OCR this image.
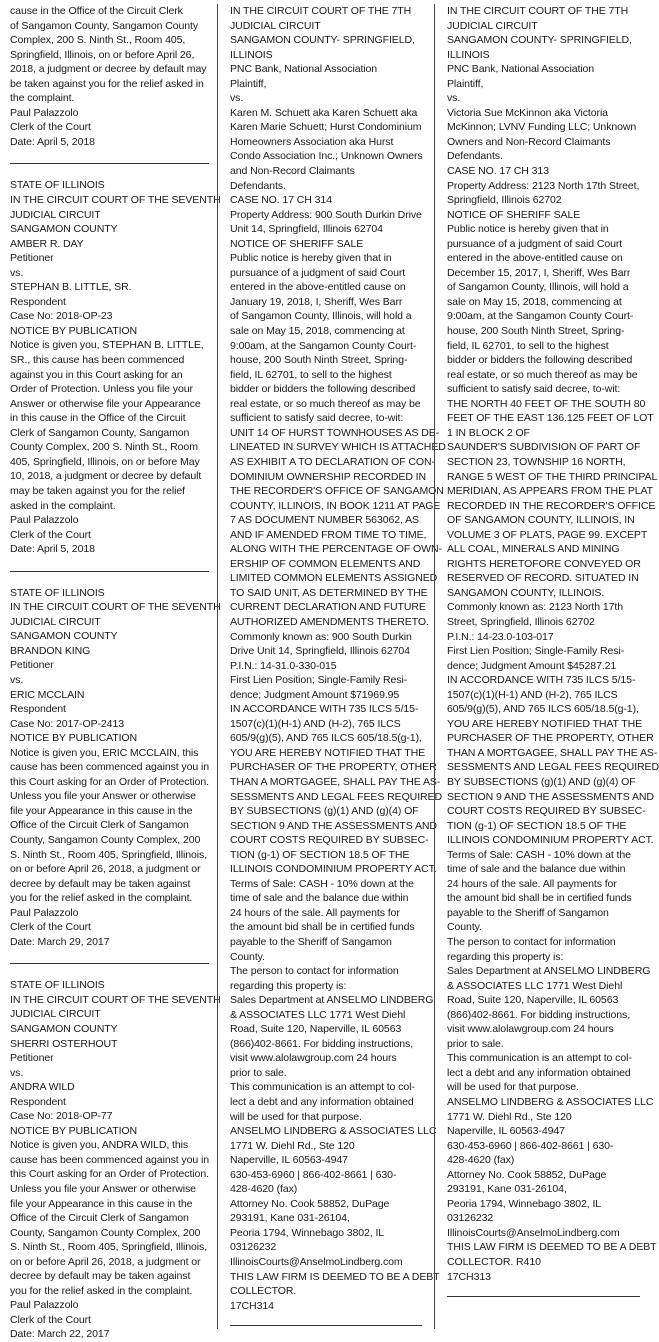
cause in the Office of the Circuit Clerk
of Sangamon County, Sangamon County
Complex, 200 S. Ninth St., Room 405,
Springfield, Illinois, on or before April 26,
2018, a judgment or decree by default may
be taken against you for the relief asked in
the complaint.
Paul Palazzolo
Clerk of the Court
Date: April 5, 2018
STATE OF ILLINOIS
IN THE CIRCUIT COURT OF THE SEVENTH
JUDICIAL CIRCUIT
SANGAMON COUNTY
AMBER R. DAY
Petitioner
vs.
STEPHAN B. LITTLE, SR.
Respondent
Case No: 2018-OP-23
NOTICE BY PUBLICATION
Notice is given you, STEPHAN B. LITTLE,
SR., this cause has been commenced
against you in this Court asking for an
Order of Protection. Unless you file your
Answer or otherwise file your Appearance
in this cause in the Office of the Circuit
Clerk of Sangamon County, Sangamon
County Complex, 200 S. Ninth St., Room
405, Springfield, Illinois, on or before May
10, 2018, a judgment or decree by default
may be taken against you for the relief
asked in the complaint.
Paul Palazzolo
Clerk of the Court
Date: April 5, 2018
STATE OF ILLINOIS
IN THE CIRCUIT COURT OF THE SEVENTH
JUDICIAL CIRCUIT
SANGAMON COUNTY
BRANDON KING
Petitioner
vs.
ERIC MCCLAIN
Respondent
Case No: 2017-OP-2413
NOTICE BY PUBLICATION
Notice is given you, ERIC MCCLAIN, this
cause has been commenced against you in
this Court asking for an Order of Protection.
Unless you file your Answer or otherwise
file your Appearance in this cause in the
Office of the Circuit Clerk of Sangamon
County, Sangamon County Complex, 200
S. Ninth St., Room 405, Springfield, Illinois,
on or before April 26, 2018, a judgment or
decree by default may be taken against
you for the relief asked in the complaint.
Paul Palazzolo
Clerk of the Court
Date: March 29, 2017
STATE OF ILLINOIS
IN THE CIRCUIT COURT OF THE SEVENTH
JUDICIAL CIRCUIT
SANGAMON COUNTY
SHERRI OSTERHOUT
Petitioner
vs.
ANDRA WILD
Respondent
Case No: 2018-OP-77
NOTICE BY PUBLICATION
Notice is given you, ANDRA WILD, this
cause has been commenced against you in
this Court asking for an Order of Protection.
Unless you file your Answer or otherwise
file your Appearance in this cause in the
Office of the Circuit Clerk of Sangamon
County, Sangamon County Complex, 200
S. Ninth St., Room 405, Springfield, Illinois,
on or before April 26, 2018, a judgment or
decree by default may be taken against
you for the relief asked in the complaint.
Paul Palazzolo
Clerk of the Court
Date: March 22, 2017
IN THE CIRCUIT COURT OF THE 7TH
JUDICIAL CIRCUIT
SANGAMON COUNTY- SPRINGFIELD,
ILLINOIS
PNC Bank, National Association
Plaintiff,
vs.
Karen M. Schuett aka Karen Schuett aka
Karen Marie Schuett; Hurst Condominium
Homeowners Association aka Hurst
Condo Association Inc.; Unknown Owners
and Non-Record Claimants
Defendants.
CASE NO. 17 CH 314
Property Address: 900 South Durkin Drive
Unit 14, Springfield, Illinois 62704
NOTICE OF SHERIFF SALE
Public notice is hereby given that in
pursuance of a judgment of said Court
entered in the above-entitled cause on
January 19, 2018, I, Sheriff, Wes Barr
of Sangamon County, Illinois, will hold a
sale on May 15, 2018, commencing at
9:00am, at the Sangamon County Court-
house, 200 South Ninth Street, Spring-
field, IL 62701, to sell to the highest
bidder or bidders the following described
real estate, or so much thereof as may be
sufficient to satisfy said decree, to-wit:
UNIT 14 OF HURST TOWNHOUSES AS DE-
LINEATED IN SURVEY WHICH IS ATTACHED
AS EXHIBIT A TO DECLARATION OF CON-
DOMINIUM OWNERSHIP RECORDED IN
THE RECORDER'S OFFICE OF SANGAMON
COUNTY, ILLINOIS, IN BOOK 1211 AT PAGE
7 AS DOCUMENT NUMBER 563062, AS
AND IF AMENDED FROM TIME TO TIME,
ALONG WITH THE PERCENTAGE OF OWN-
ERSHIP OF COMMON ELEMENTS AND
LIMITED COMMON ELEMENTS ASSIGNED
TO SAID UNIT, AS DETERMINED BY THE
CURRENT DECLARATION AND FUTURE
AUTHORIZED AMENDMENTS THERETO.
Commonly known as: 900 South Durkin
Drive Unit 14, Springfield, Illinois 62704
P.I.N.: 14-31.0-330-015
First Lien Position; Single-Family Resi-
dence; Judgment Amount $71969.95
IN ACCORDANCE WITH 735 ILCS 5/15-
1507(c)(1)(H-1) AND (H-2), 765 ILCS
605/9(g)(5), AND 765 ILCS 605/18.5(g-1),
YOU ARE HEREBY NOTIFIED THAT THE
PURCHASER OF THE PROPERTY, OTHER
THAN A MORTGAGEE, SHALL PAY THE AS-
SESSMENTS AND LEGAL FEES REQUIRED
BY SUBSECTIONS (g)(1) AND (g)(4) OF
SECTION 9 AND THE ASSESSMENTS AND
COURT COSTS REQUIRED BY SUBSEC-
TION (g-1) OF SECTION 18.5 OF THE
ILLINOIS CONDOMINIUM PROPERTY ACT.
Terms of Sale: CASH - 10% down at the
time of sale and the balance due within
24 hours of the sale. All payments for
the amount bid shall be in certified funds
payable to the Sheriff of Sangamon
County.
The person to contact for information
regarding this property is:
Sales Department at ANSELMO LINDBERG
& ASSOCIATES LLC 1771 West Diehl
Road, Suite 120, Naperville, IL 60563
(866)402-8661. For bidding instructions,
visit www.alolawgroup.com 24 hours
prior to sale.
This communication is an attempt to col-
lect a debt and any information obtained
will be used for that purpose.
ANSELMO LINDBERG & ASSOCIATES LLC
1771 W. Diehl Rd., Ste 120
Naperville, IL 60563-4947
630-453-6960 | 866-402-8661 | 630-
428-4620 (fax)
Attorney No. Cook 58852, DuPage
293191, Kane 031-26104,
Peoria 1794, Winnebago 3802, IL
03126232
IllinoisCourts@AnselmoLindberg.com
THIS LAW FIRM IS DEEMED TO BE A DEBT
COLLECTOR.
17CH314
IN THE CIRCUIT COURT OF THE 7TH
JUDICIAL CIRCUIT
SANGAMON COUNTY- SPRINGFIELD,
ILLINOIS
PNC Bank, National Association
Plaintiff,
vs.
Victoria Sue McKinnon aka Victoria
McKinnon; LVNV Funding LLC; Unknown
Owners and Non-Record Claimants
Defendants.
CASE NO. 17 CH 313
Property Address: 2123 North 17th Street,
Springfield, Illinois 62702
NOTICE OF SHERIFF SALE
Public notice is hereby given that in
pursuance of a judgment of said Court
entered in the above-entitled cause on
December 15, 2017, I, Sheriff, Wes Barr
of Sangamon County, Illinois, will hold a
sale on May 15, 2018, commencing at
9:00am, at the Sangamon County Court-
house, 200 South Ninth Street, Spring-
field, IL 62701, to sell to the highest
bidder or bidders the following described
real estate, or so much thereof as may be
sufficient to satisfy said decree, to-wit:
THE NORTH 40 FEET OF THE SOUTH 80
FEET OF THE EAST 136.125 FEET OF LOT
1 IN BLOCK 2 OF
SAUNDER'S SUBDIVISION OF PART OF
SECTION 23, TOWNSHIP 16 NORTH,
RANGE 5 WEST OF THE THIRD PRINCIPAL
MERIDIAN, AS APPEARS FROM THE PLAT
RECORDED IN THE RECORDER'S OFFICE
OF SANGAMON COUNTY, ILLINOIS, IN
VOLUME 3 OF PLATS, PAGE 99. EXCEPT
ALL COAL, MINERALS AND MINING
RIGHTS HERETOFORE CONVEYED OR
RESERVED OF RECORD. SITUATED IN
SANGAMON COUNTY, ILLINOIS.
Commonly known as: 2123 North 17th
Street, Springfield, Illinois 62702
P.I.N.: 14-23.0-103-017
First Lien Position; Single-Family Resi-
dence; Judgment Amount $45287.21
IN ACCORDANCE WITH 735 ILCS 5/15-
1507(c)(1)(H-1) AND (H-2), 765 ILCS
605/9(g)(5), AND 765 ILCS 605/18.5(g-1),
YOU ARE HEREBY NOTIFIED THAT THE
PURCHASER OF THE PROPERTY, OTHER
THAN A MORTGAGEE, SHALL PAY THE AS-
SESSMENTS AND LEGAL FEES REQUIRED
BY SUBSECTIONS (g)(1) AND (g)(4) OF
SECTION 9 AND THE ASSESSMENTS AND
COURT COSTS REQUIRED BY SUBSEC-
TION (g-1) OF SECTION 18.5 OF THE
ILLINOIS CONDOMINIUM PROPERTY ACT.
Terms of Sale: CASH - 10% down at the
time of sale and the balance due within
24 hours of the sale. All payments for
the amount bid shall be in certified funds
payable to the Sheriff of Sangamon
County.
The person to contact for information
regarding this property is:
Sales Department at ANSELMO LINDBERG
& ASSOCIATES LLC 1771 West Diehl
Road, Suite 120, Naperville, IL 60563
(866)402-8661. For bidding instructions,
visit www.alolawgroup.com 24 hours
prior to sale.
This communication is an attempt to col-
lect a debt and any information obtained
will be used for that purpose.
ANSELMO LINDBERG & ASSOCIATES LLC
1771 W. Diehl Rd., Ste 120
Naperville, IL 60563-4947
630-453-6960 | 866-402-8661 | 630-
428-4620 (fax)
Attorney No. Cook 58852, DuPage
293191, Kane 031-26104,
Peoria 1794, Winnebago 3802, IL
03126232
IllinoisCourts@AnselmoLindberg.com
THIS LAW FIRM IS DEEMED TO BE A DEBT
COLLECTOR. R410
17CH313
